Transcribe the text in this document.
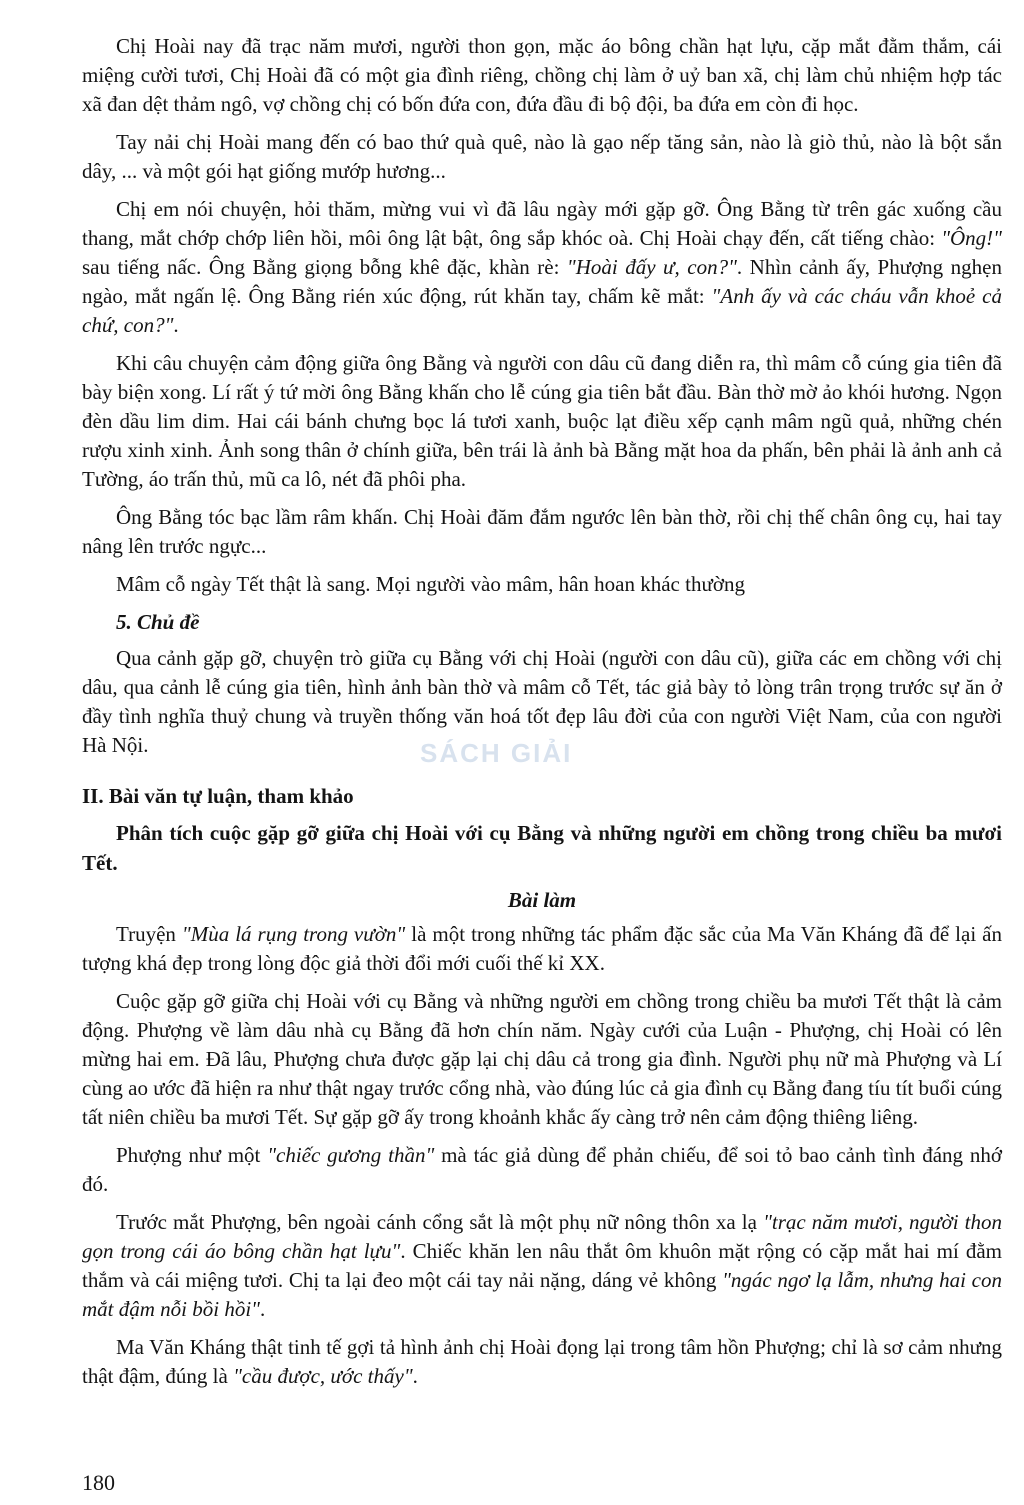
Chị Hoài nay đã trạc năm mươi, người thon gọn, mặc áo bông chần hạt lựu, cặp mắt đằm thắm, cái miệng cười tươi, Chị Hoài đã có một gia đình riêng, chồng chị làm ở uỷ ban xã, chị làm chủ nhiệm hợp tác xã đan dệt thảm ngô, vợ chồng chị có bốn đứa con, đứa đầu đi bộ đội, ba đứa em còn đi học.

Tay nải chị Hoài mang đến có bao thứ quà quê, nào là gạo nếp tăng sản, nào là giò thủ, nào là bột sắn dây, ... và một gói hạt giống mướp hương...

Chị em nói chuyện, hỏi thăm, mừng vui vì đã lâu ngày mới gặp gỡ. Ông Bằng từ trên gác xuống cầu thang, mắt chớp chớp liên hồi, môi ông lật bật, ông sắp khóc oà. Chị Hoài chạy đến, cất tiếng chào: "Ông!" sau tiếng nấc. Ông Bằng giọng bỗng khê đặc, khàn rè: "Hoài đấy ư, con?". Nhìn cảnh ấy, Phượng nghẹn ngào, mắt ngấn lệ. Ông Bằng rién xúc động, rút khăn tay, chấm kẽ mắt: "Anh ấy và các cháu vẫn khoẻ cả chứ, con?".

Khi câu chuyện cảm động giữa ông Bằng và người con dâu cũ đang diễn ra, thì mâm cỗ cúng gia tiên đã bày biện xong. Lí rất ý tứ mời ông Bằng khấn cho lễ cúng gia tiên bắt đầu. Bàn thờ mờ ảo khói hương. Ngọn đèn dầu lim dim. Hai cái bánh chưng bọc lá tươi xanh, buộc lạt điều xếp cạnh mâm ngũ quả, những chén rượu xinh xinh. Ảnh song thân ở chính giữa, bên trái là ảnh bà Bằng mặt hoa da phấn, bên phải là ảnh anh cả Tường, áo trấn thủ, mũ ca lô, nét đã phôi pha.

Ông Bằng tóc bạc lầm râm khấn. Chị Hoài đăm đắm ngước lên bàn thờ, rồi chị thế chân ông cụ, hai tay nâng lên trước ngực...

Mâm cỗ ngày Tết thật là sang. Mọi người vào mâm, hân hoan khác thường

5. Chủ đề

Qua cảnh gặp gỡ, chuyện trò giữa cụ Bằng với chị Hoài (người con dâu cũ), giữa các em chồng với chị dâu, qua cảnh lễ cúng gia tiên, hình ảnh bàn thờ và mâm cỗ Tết, tác giả bày tỏ lòng trân trọng trước sự ăn ở đầy tình nghĩa thuỷ chung và truyền thống văn hoá tốt đẹp lâu đời của con người Việt Nam, của con người Hà Nội.

II. Bài văn tự luận, tham khảo
Phân tích cuộc gặp gỡ giữa chị Hoài với cụ Bằng và những người em chồng trong chiều ba mươi Tết.
Bài làm

Truyện "Mùa lá rụng trong vườn" là một trong những tác phẩm đặc sắc của Ma Văn Kháng đã để lại ấn tượng khá đẹp trong lòng độc giả thời đổi mới cuối thế kỉ XX.

Cuộc gặp gỡ giữa chị Hoài với cụ Bằng và những người em chồng trong chiều ba mươi Tết thật là cảm động. Phượng về làm dâu nhà cụ Bằng đã hơn chín năm. Ngày cưới của Luận - Phượng, chị Hoài có lên mừng hai em. Đã lâu, Phượng chưa được gặp lại chị dâu cả trong gia đình. Người phụ nữ mà Phượng và Lí cùng ao ước đã hiện ra như thật ngay trước cổng nhà, vào đúng lúc cả gia đình cụ Bằng đang tíu tít buổi cúng tất niên chiều ba mươi Tết. Sự gặp gỡ ấy trong khoảnh khắc ấy càng trở nên cảm động thiêng liêng.

Phượng như một "chiếc gương thần" mà tác giả dùng để phản chiếu, để soi tỏ bao cảnh tình đáng nhớ đó.

Trước mắt Phượng, bên ngoài cánh cổng sắt là một phụ nữ nông thôn xa lạ "trạc năm mươi, người thon gọn trong cái áo bông chần hạt lựu". Chiếc khăn len nâu thắt ôm khuôn mặt rộng có cặp mắt hai mí đằm thắm và cái miệng tươi. Chị ta lại đeo một cái tay nải nặng, dáng vẻ không "ngác ngơ lạ lẫm, nhưng hai con mắt đậm nỗi bồi hồi".

Ma Văn Kháng thật tinh tế gợi tả hình ảnh chị Hoài đọng lại trong tâm hồn Phượng; chỉ là sơ cảm nhưng thật đậm, đúng là "cầu được, ước thấy".

SÁCH GIẢI
180
